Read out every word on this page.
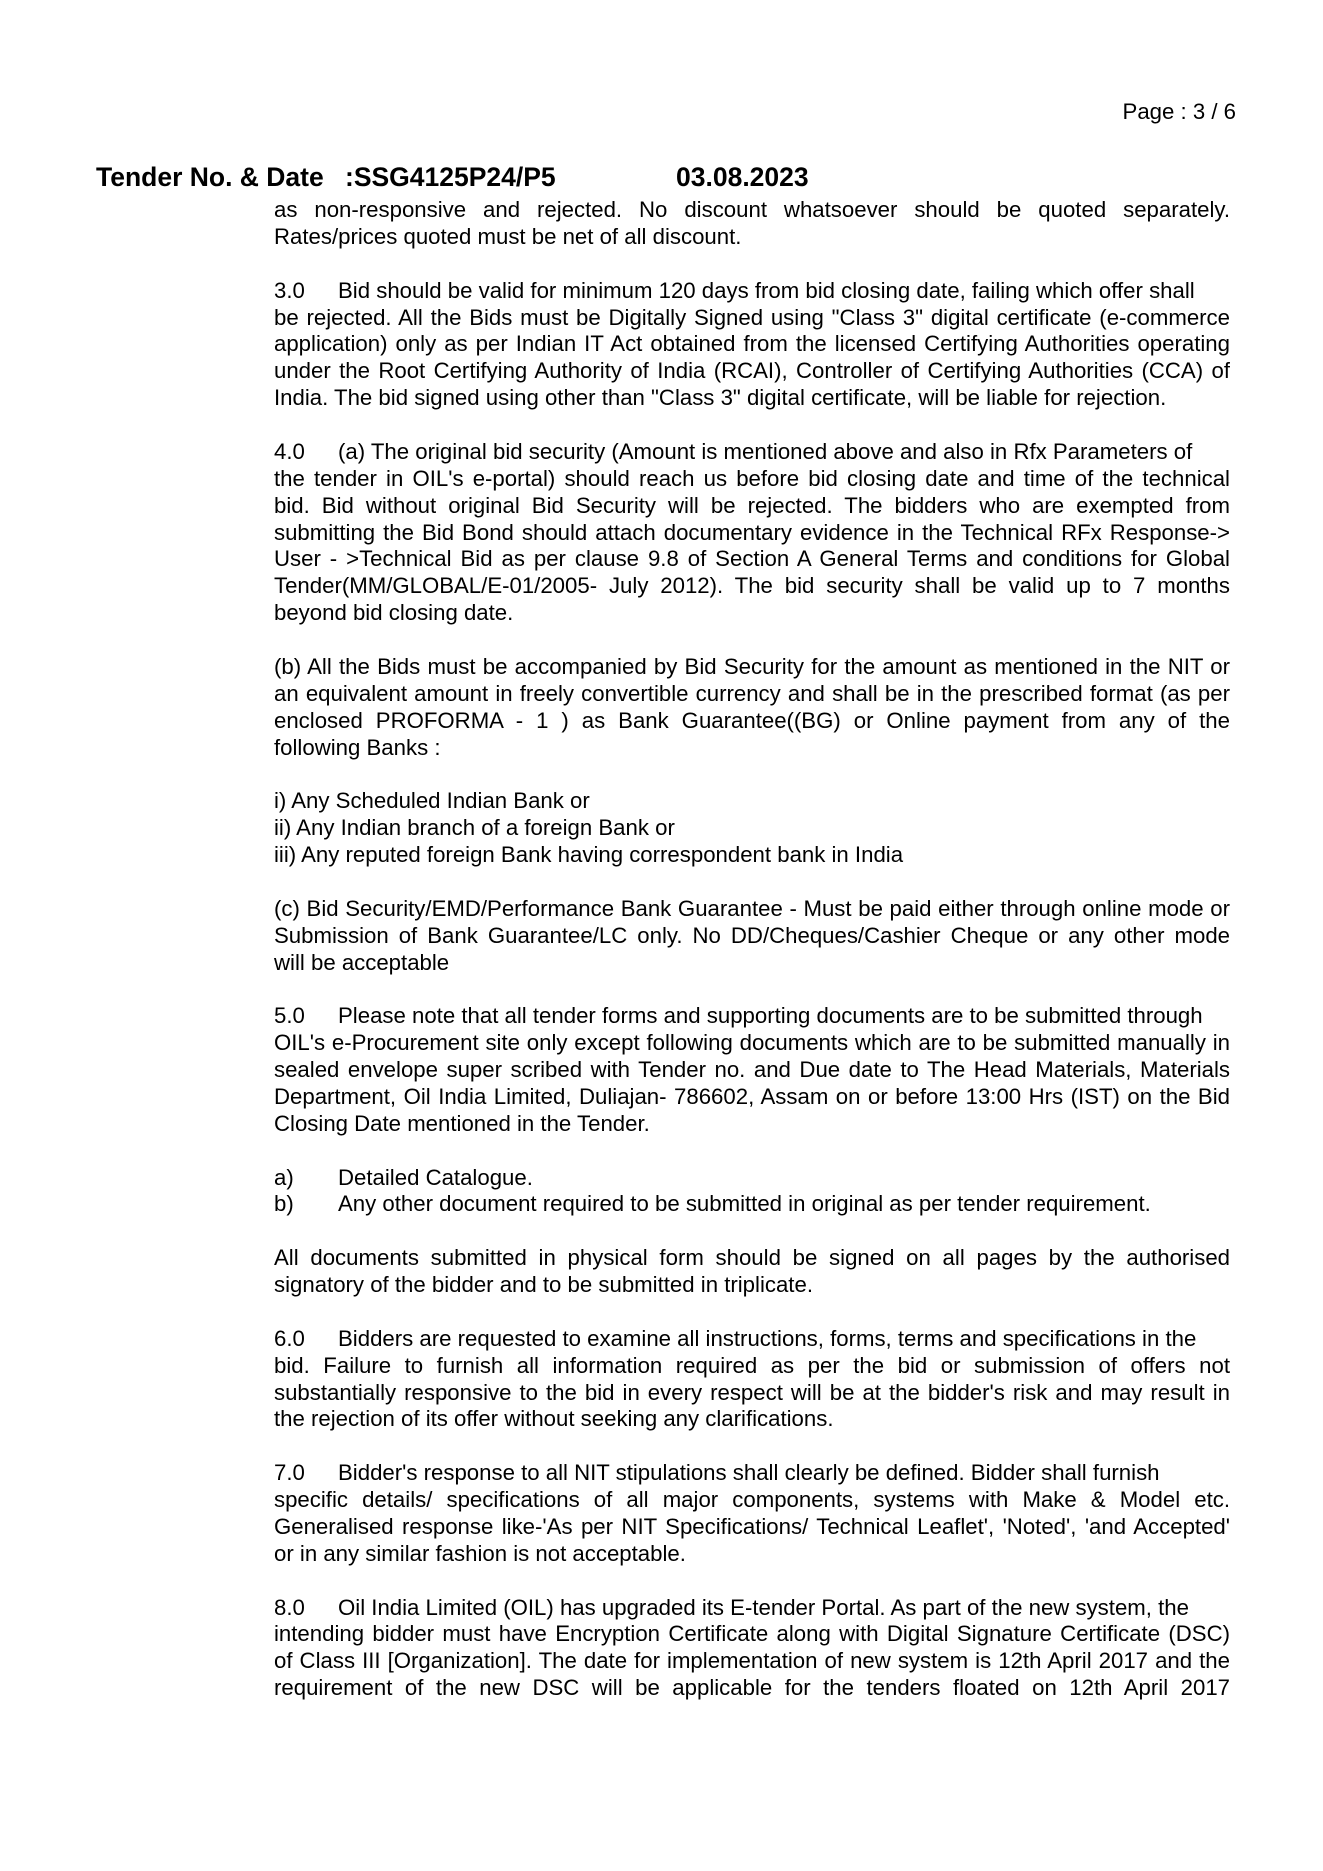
Page : 3 / 6
Tender No. & Date :SSG4125P24/P5	03.08.2023
as non-responsive and rejected. No discount whatsoever should be quoted separately.
Rates/prices quoted must be net of all discount.
3.0 Bid should be valid for minimum 120 days from bid closing date, failing which offer shall
be rejected. All the Bids must be Digitally Signed using "Class 3" digital certificate (e-commerce
application) only as per Indian IT Act obtained from the licensed Certifying Authorities operating
under the Root Certifying Authority of India (RCAI), Controller of Certifying Authorities (CCA) of
India. The bid signed using other than "Class 3" digital certificate, will be liable for rejection.
4.0 (a) The original bid security (Amount is mentioned above and also in Rfx Parameters of
the tender in OIL's e-portal) should reach us before bid closing date and time of the technical
bid. Bid without original Bid Security will be rejected. The bidders who are exempted from
submitting the Bid Bond should attach documentary evidence in the Technical RFx Response->
User - >Technical Bid as per clause 9.8 of Section A General Terms and conditions for Global
Tender(MM/GLOBAL/E-01/2005- July 2012). The bid security shall be valid up to 7 months
beyond bid closing date.
(b) All the Bids must be accompanied by Bid Security for the amount as mentioned in the NIT or
an equivalent amount in freely convertible currency and shall be in the prescribed format (as per
enclosed PROFORMA - 1 ) as Bank Guarantee((BG) or Online payment from any of the
following Banks :
i) Any Scheduled Indian Bank or
ii) Any Indian branch of a foreign Bank or
iii) Any reputed foreign Bank having correspondent bank in India
(c) Bid Security/EMD/Performance Bank Guarantee - Must be paid either through online mode or
Submission of Bank Guarantee/LC only. No DD/Cheques/Cashier Cheque or any other mode
will be acceptable
5.0 Please note that all tender forms and supporting documents are to be submitted through
OIL's e-Procurement site only except following documents which are to be submitted manually in
sealed envelope super scribed with Tender no. and Due date to The Head Materials, Materials
Department, Oil India Limited, Duliajan- 786602, Assam on or before 13:00 Hrs (IST) on the Bid
Closing Date mentioned in the Tender.
a) Detailed Catalogue.
b) Any other document required to be submitted in original as per tender requirement.
All documents submitted in physical form should be signed on all pages by the authorised
signatory of the bidder and to be submitted in triplicate.
6.0 Bidders are requested to examine all instructions, forms, terms and specifications in the
bid. Failure to furnish all information required as per the bid or submission of offers not
substantially responsive to the bid in every respect will be at the bidder's risk and may result in
the rejection of its offer without seeking any clarifications.
7.0 Bidder's response to all NIT stipulations shall clearly be defined. Bidder shall furnish
specific details/ specifications of all major components, systems with Make & Model etc.
Generalised response like-'As per NIT Specifications/ Technical Leaflet', 'Noted', 'and Accepted'
or in any similar fashion is not acceptable.
8.0 Oil India Limited (OIL) has upgraded its E-tender Portal. As part of the new system, the
intending bidder must have Encryption Certificate along with Digital Signature Certificate (DSC)
of Class III [Organization]. The date for implementation of new system is 12th April 2017 and the
requirement of the new DSC will be applicable for the tenders floated on 12th April 2017
